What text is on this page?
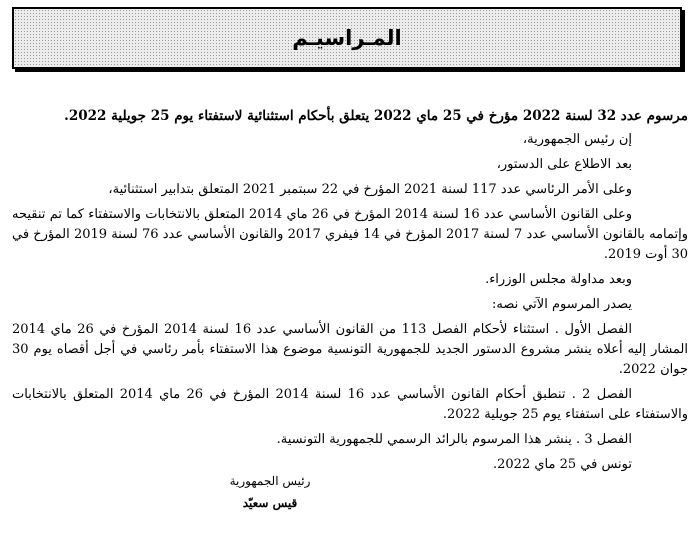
المـراسيـم

مرسوم عدد 32 لسنة 2022 مؤرخ في 25 ماي 2022 يتعلق بأحكام استثنائية لاستفتاء يوم 25 جويلية 2022.

إن رئيس الجمهورية،

بعد الاطلاع على الدستور،

وعلى الأمر الرئاسي عدد 117 لسنة 2021 المؤرخ في 22 سبتمبر 2021 المتعلق بتدابير استثنائية،

وعلى القانون الأساسي عدد 16 لسنة 2014 المؤرخ في 26 ماي 2014 المتعلق بالانتخابات والاستفتاء كما تم تنقيحه وإتمامه بالقانون الأساسي عدد 7 لسنة 2017 المؤرخ في 14 فيفري 2017 والقانون الأساسي عدد 76 لسنة 2019 المؤرخ في 30 أوت 2019.

وبعد مداولة مجلس الوزراء.

يصدر المرسوم الآتي نصه:

الفصل الأول . استثناء لأحكام الفصل 113 من القانون الأساسي عدد 16 لسنة 2014 المؤرخ في 26 ماي 2014 المشار إليه أعلاه ينشر مشروع الدستور الجديد للجمهورية التونسية موضوع هذا الاستفتاء بأمر رئاسي في أجل أقصاه يوم 30 جوان 2022.

الفصل 2 . تنطبق أحكام القانون الأساسي عدد 16 لسنة 2014 المؤرخ في 26 ماي 2014 المتعلق بالانتخابات والاستفتاء على استفتاء يوم 25 جويلية 2022.

الفصل 3 . ينشر هذا المرسوم بالرائد الرسمي للجمهورية التونسية.

تونس في 25 ماي 2022.

رئيس الجمهورية
قيس سعيّد
